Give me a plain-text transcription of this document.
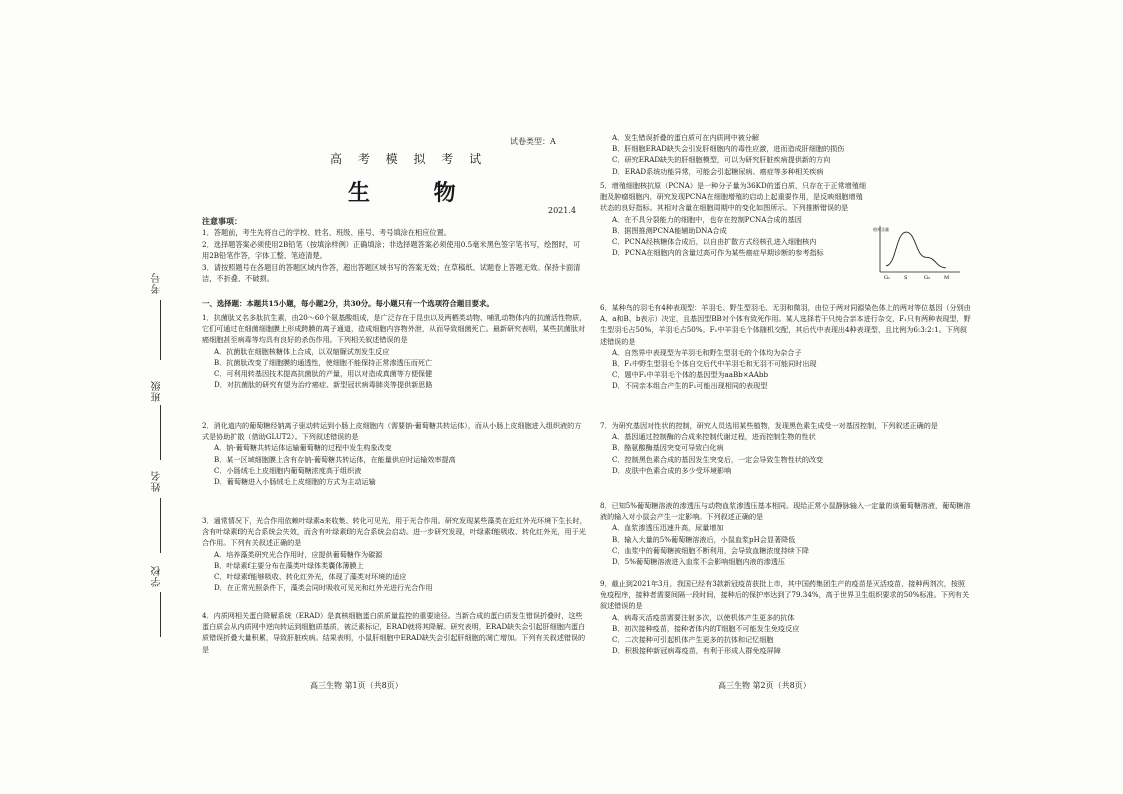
考号
班级
姓名
学校
试卷类型：A
高 考 模 拟 考 试
生 物
2021.4
注意事项：
1．答题前，考生先将自己的学校、姓名、班级、座号、考号填涂在相应位置。
2．选择题答案必须使用2B铅笔（按填涂样例）正确填涂；非选择题答案必须使用0.5毫米黑色签字笔书写，绘图时，可用2B铅笔作答，字体工整、笔迹清楚。
3．请按照题号在各题目的答题区域内作答，超出答题区域书写的答案无效；在草稿纸、试题卷上答题无效。保持卡面清洁，不折叠、不破损。
一、选择题：本题共15小题，每小题2分，共30分。每小题只有一个选项符合题目要求。

1．抗菌肽又名多肽抗生素，由20～60个氨基酸组成，是广泛存在于昆虫以及两栖类动物、哺乳动物体内的抗菌活性物质，它们可通过在细菌细胞膜上形成跨膜的离子通道，造成细胞内容物外泄，从而导致细菌死亡。最新研究表明，某些抗菌肽对癌细胞甚至病毒等均具有良好的杀伤作用。下列相关叙述错误的是

A．抗菌肽在细胞核糖体上合成，以双缩脲试剂发生反应

B．抗菌肽改变了细胞膜的通透性，使细胞不能保持正常渗透压而死亡

C．可利用转基因技术提高抗菌肽的产量，用以对造成真菌等方便保健

D．对抗菌肽的研究有望为治疗癌症、新型冠状病毒肺炎等提供新思路

2．消化道内的葡萄糖经钠离子驱动转运到小肠上皮细胞内（需要钠-葡萄糖共转运体），而从小肠上皮细胞进入组织液的方式是协助扩散（借助GLUT2）。下列叙述错误的是

A．钠-葡萄糖共转运体运输葡萄糖的过程中发生构象改变

B．某一区域细胞膜上含有存钠-葡萄糖共转运体，在能量供应时运输效率提高

C．小肠绒毛上皮细胞内葡萄糖浓度高于组织液

D．葡萄糖进入小肠绒毛上皮细胞的方式为主动运输

3．通常情况下，光合作用依赖叶绿素a来收集、转化可见光，用于光合作用。研究发现某些藻类在近红外光环境下生长时，含有叶绿素f的光合系统会失效，而含有叶绿素f的光合系统会启动。进一步研究发现，叶绿素f能吸收、转化红外光，用于光合作用。下列有关叙述正确的是

A．培养藻类研究光合作用时，应提供葡萄糖作为碳源

B．叶绿素f主要分布在藻类叶绿体类囊体薄膜上

C．叶绿素f能够吸收、转化红外光，体现了藻类对环境的适应

D．在正常光照条件下，藻类会同时吸收可见光和红外光进行光合作用

4．内质网相关蛋白降解系统（ERAD）是真核细胞蛋白质质量监控的重要途径。当新合成的蛋白质发生错误折叠时，这些蛋白质会从内质网中逆向转运到细胞质基质，被泛素标记，ERAD就将其降解。研究表明，ERAD缺失会引起肝细胞内蛋白质错误折叠大量积累，导致肝脏疾病。结果表明，小鼠肝细胞中ERAD缺失会引起肝细胞的凋亡增加。下列有关叙述错误的是

A．发生错误折叠的蛋白质可在内质网中被分解

B．肝细胞ERAD缺失会引发肝细胞内的毒性应激，进而造成肝细胞的损伤

C．研究ERAD缺失的肝细胞模型，可以为研究肝脏疾病提供新的方向

D．ERAD系统功能异常，可能会引起糖尿病、癌症等多种相关疾病

5．增殖细胞核抗原（PCNA）是一种分子量为36KD的蛋白质，只存在于正常增殖细胞及肿瘤细胞内，研究发现PCNA在细胞增殖的启动上起重要作用，是反映细胞增殖状态的良好指标。其相对含量在细胞周期中的变化如图所示。下列推断错误的是

A．在不具分裂能力的细胞中，也存在控制PCNA合成的基因

B．据图推测PCNA能辅助DNA合成

C．PCNA经核糖体合成后，以自由扩散方式经核孔进入细胞核内

D．PCNA在细胞内的含量过高可作为某些癌症早期诊断的参考指标

相对含量
G₁	S	G₂	M

6．某种鸟的羽毛有4种表现型：羊羽毛、野生型羽毛、无羽和微羽，由位于两对同源染色体上的两对等位基因（分别由A、a和B、b表示）决定，且基因型BB对个体有致死作用。某人选择若干只纯合亲本进行杂交，F₁只有两种表现型，野生型羽毛占50%，羊羽毛占50%。F₁中羊羽毛个体随机交配，其后代中表现出4种表现型，且比例为6:3:2:1。下列叙述错误的是

A．自然界中表现型为羊羽毛和野生型羽毛的个体均为杂合子

B．F₁中野生型羽毛个体自交后代中羊羽毛和无羽不可能同时出现

C．题中F₁中羊羽毛个体的基因型为aaBb×AAbb

D．不同亲本组合产生的F₁可能出现相同的表现型

7．为研究基因对性状的控制，研究人员选用某些植物，发现黑色素生成受一对基因控制，下列叙述正确的是

A．基因通过控制酶的合成来控制代谢过程，进而控制生物的性状

B．酪氨酸酶基因突变可导致白化病

C．控制黑色素合成的基因发生突变后，一定会导致生物性状的改变

D．皮肤中色素合成的多少受环境影响

8．已知5%葡萄糖溶液的渗透压与动物血浆渗透压基本相同。现给正常小鼠静脉输入一定量的该葡萄糖溶液，葡萄糖溶液的输入对小鼠会产生一定影响。下列叙述正确的是

A．血浆渗透压迅速升高，尿量增加

B．输入大量的5%葡萄糖溶液后，小鼠血浆pH会显著降低

C．血浆中的葡萄糖被细胞不断利用，会导致血糖浓度持续下降

D．5%葡萄糖溶液进入血浆不会影响细胞内液的渗透压

9．截止到2021年3月，我国已经有3款新冠疫苗获批上市，其中国药集团生产的疫苗是灭活疫苗，接种两剂次，按照免疫程序，接种者需要间隔一段时间，接种后的保护率达到了79.34%，高于世界卫生组织要求的50%标准。下列有关叙述错误的是

A．病毒灭活疫苗需要注射多次，以使机体产生更多的抗体

B．初次接种疫苗，接种者体内的T细胞不可能发生免疫反应

C．二次接种可引起机体产生更多的抗体和记忆细胞

D．积极接种新冠病毒疫苗，有利于形成人群免疫屏障

高三生物 第1页（共8页）	高三生物 第2页（共8页）
